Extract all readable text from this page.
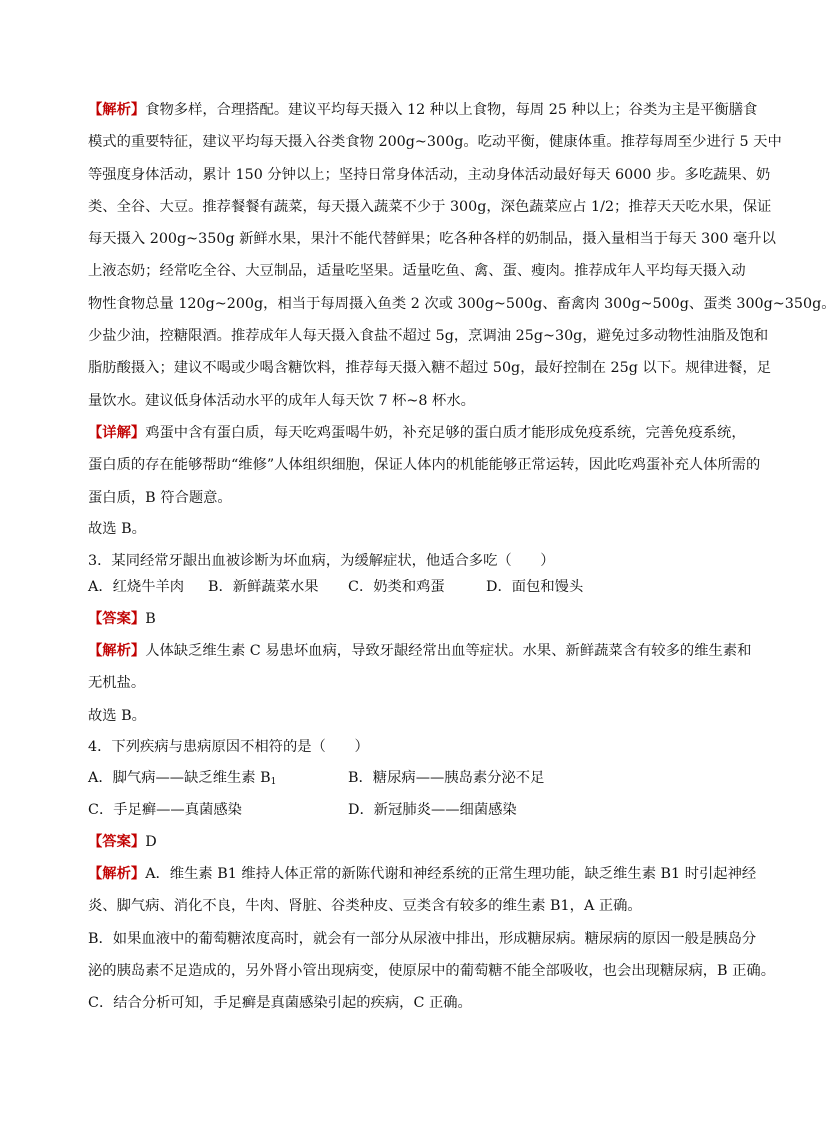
【解析】食物多样，合理搭配。建议平均每天摄入 12 种以上食物，每周 25 种以上；谷类为主是平衡膳食
模式的重要特征，建议平均每天摄入谷类食物 200g~300g。吃动平衡，健康体重。推荐每周至少进行 5 天中
等强度身体活动，累计 150 分钟以上；坚持日常身体活动，主动身体活动最好每天 6000 步。多吃蔬果、奶
类、全谷、大豆。推荐餐餐有蔬菜，每天摄入蔬菜不少于 300g，深色蔬菜应占 1/2；推荐天天吃水果，保证
每天摄入 200g~350g 新鲜水果，果汁不能代替鲜果；吃各种各样的奶制品，摄入量相当于每天 300 毫升以
上液态奶；经常吃全谷、大豆制品，适量吃坚果。适量吃鱼、禽、蛋、瘦肉。推荐成年人平均每天摄入动
物性食物总量 120g~200g，相当于每周摄入鱼类 2 次或 300g~500g、畜禽肉 300g~500g、蛋类 300g~350g。
少盐少油，控糖限酒。推荐成年人每天摄入食盐不超过 5g，烹调油 25g~30g，避免过多动物性油脂及饱和
脂肪酸摄入；建议不喝或少喝含糖饮料，推荐每天摄入糖不超过 50g，最好控制在 25g 以下。规律进餐，足
量饮水。建议低身体活动水平的成年人每天饮 7 杯~8 杯水。
【详解】鸡蛋中含有蛋白质，每天吃鸡蛋喝牛奶，补充足够的蛋白质才能形成免疫系统，完善免疫系统，
蛋白质的存在能够帮助“维修”人体组织细胞，保证人体内的机能能够正常运转，因此吃鸡蛋补充人体所需的
蛋白质，B 符合题意。
故选 B。
3．某同经常牙龈出血被诊断为坏血病，为缓解症状，他适合多吃（　　）
A．红烧牛羊肉 B．新鲜蔬菜水果 C．奶类和鸡蛋	D．面包和馒头
【答案】B
【解析】人体缺乏维生素 C 易患坏血病，导致牙龈经常出血等症状。水果、新鲜蔬菜含有较多的维生素和
无机盐。
故选 B。
4．下列疾病与患病原因不相符的是（　　）
A．脚气病——缺乏维生素 $B_1$	B．糖尿病——胰岛素分泌不足
C．手足癣——真菌感染	D．新冠肺炎——细菌感染
【答案】D
【解析】A．维生素 B1 维持人体正常的新陈代谢和神经系统的正常生理功能，缺乏维生素 B1 时引起神经
炎、脚气病、消化不良，牛肉、肾脏、谷类种皮、豆类含有较多的维生素 B1，A 正确。
B．如果血液中的葡萄糖浓度高时，就会有一部分从尿液中排出，形成糖尿病。糖尿病的原因一般是胰岛分
泌的胰岛素不足造成的，另外肾小管出现病变，使原尿中的葡萄糖不能全部吸收，也会出现糖尿病，B 正确。
C．结合分析可知，手足癣是真菌感染引起的疾病，C 正确。
